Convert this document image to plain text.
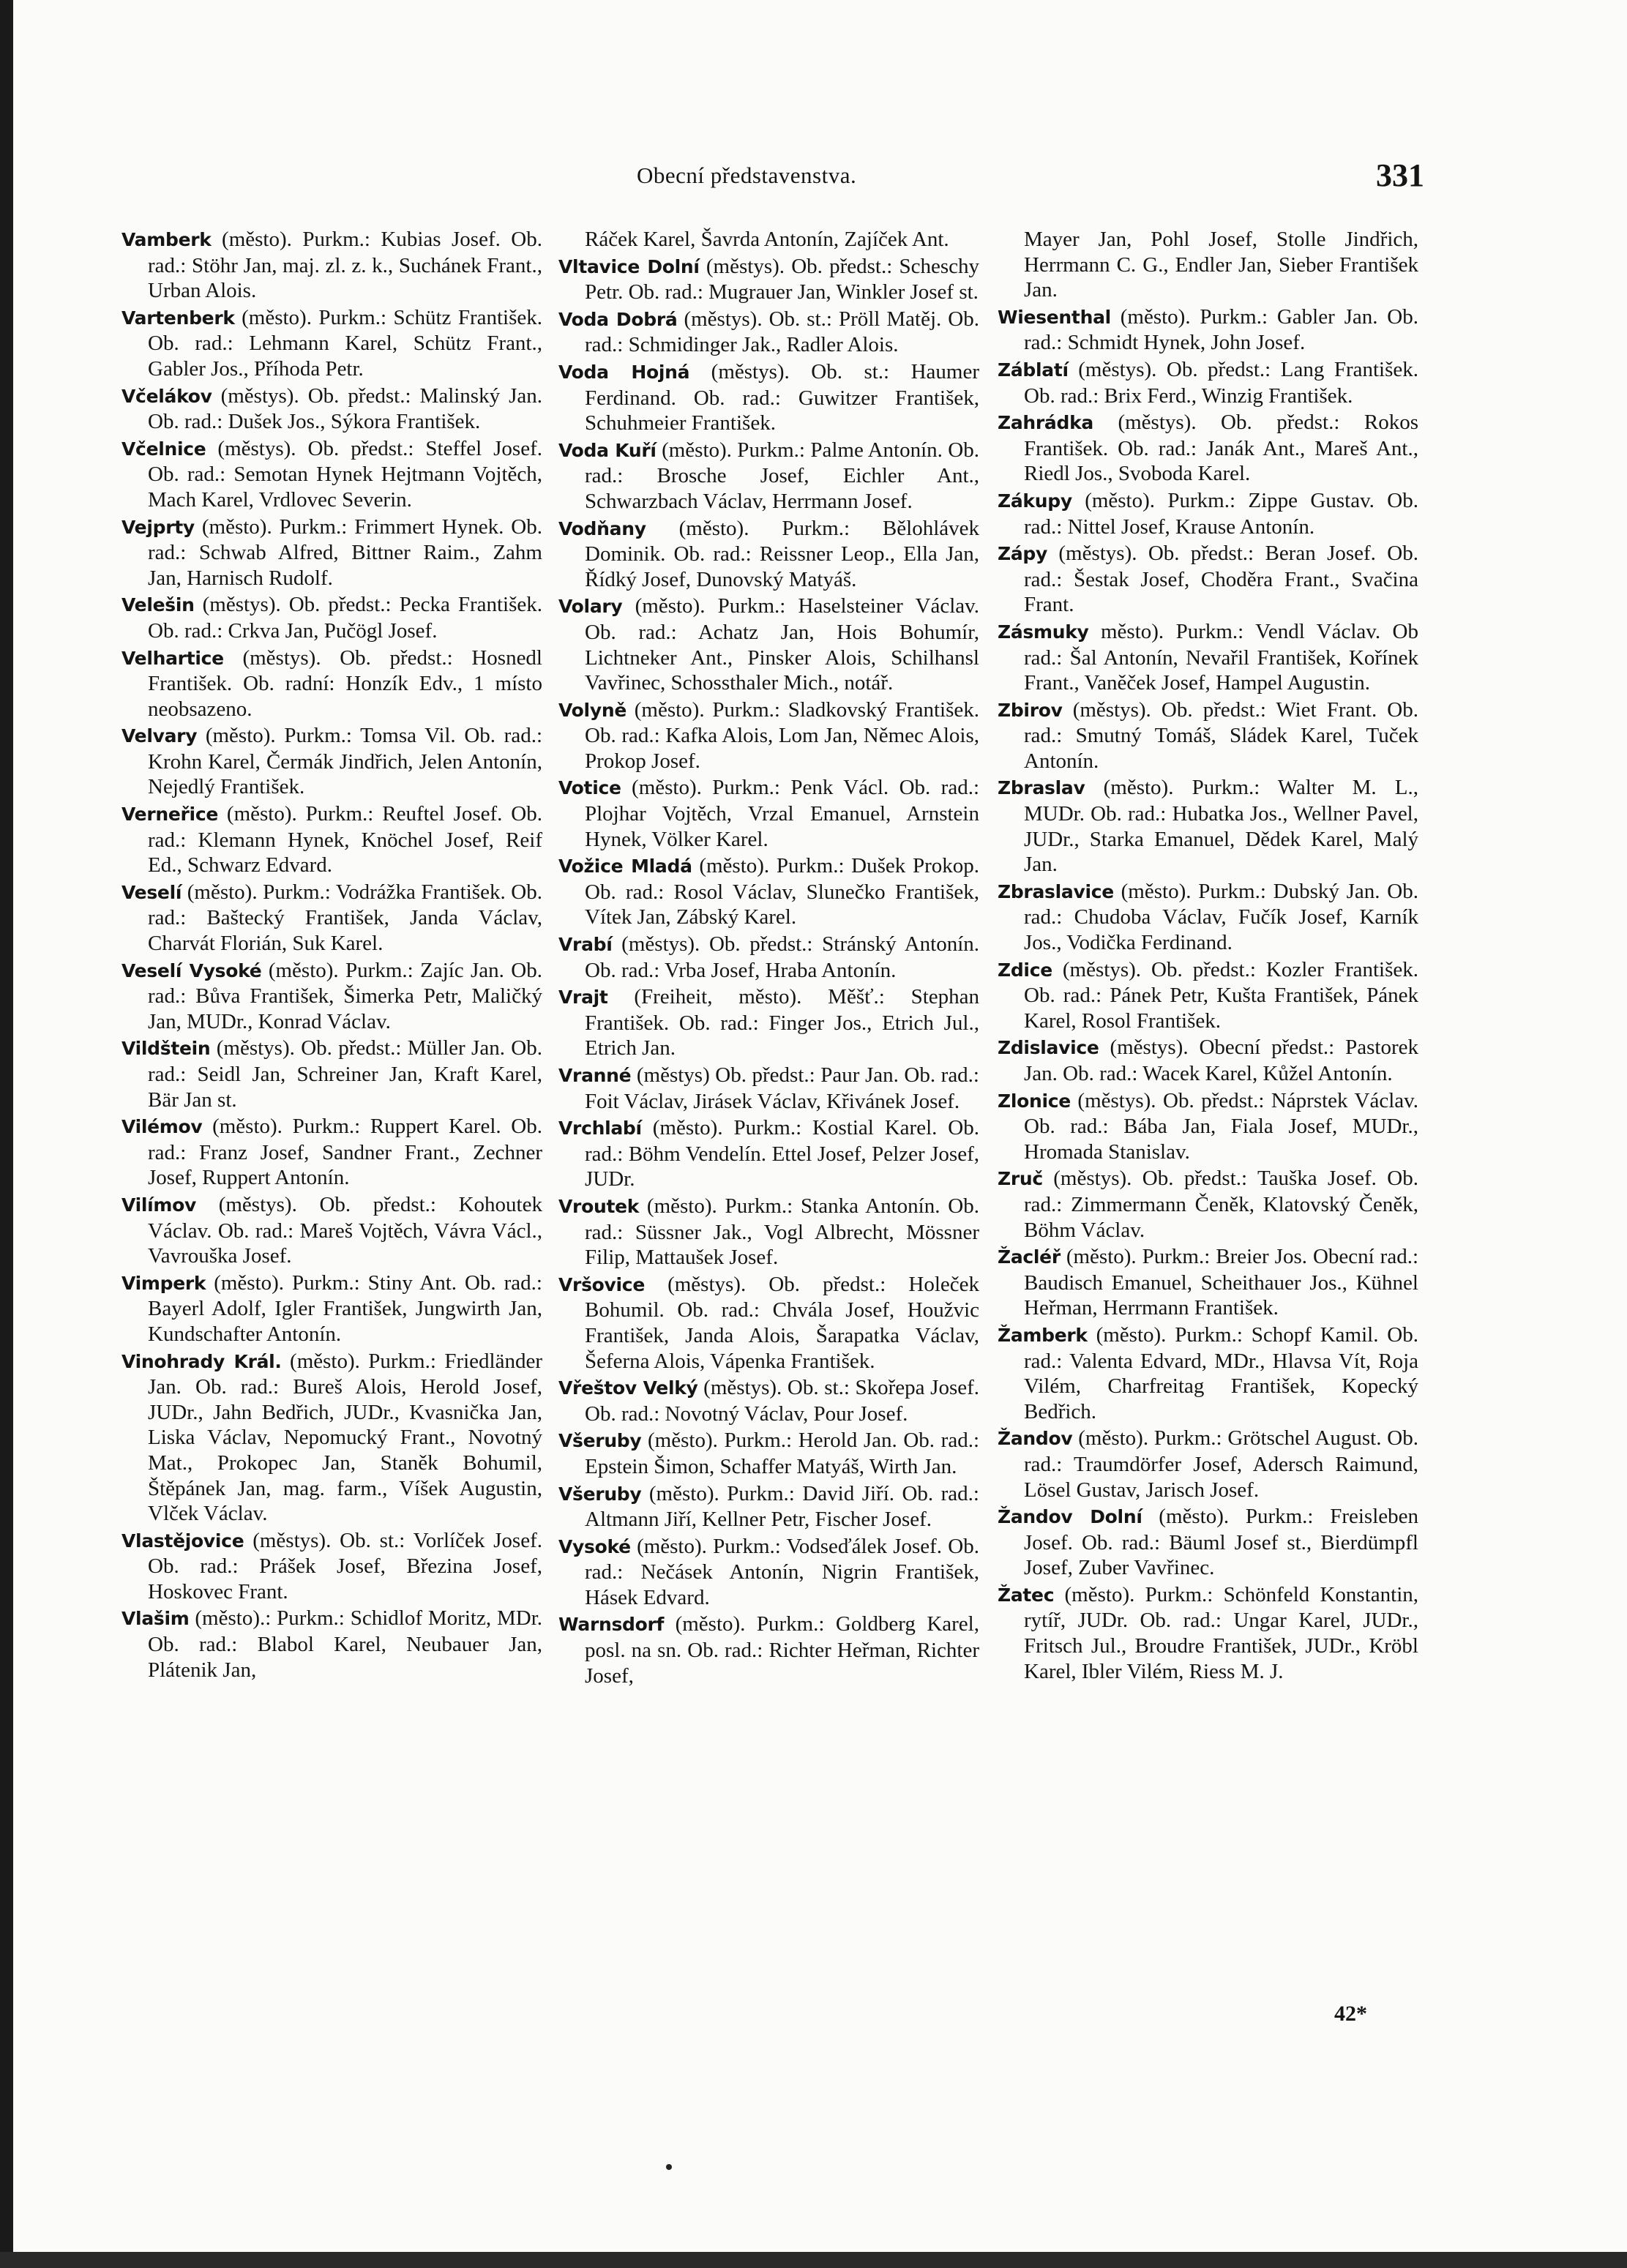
Obecní představenstva.	331

Vamberk (město). Purkm.: Kubias Josef. Ob. rad.: Stöhr Jan, maj. zl. z. k., Suchánek Frant., Urban Alois.

Vartenberk (město). Purkm.: Schütz František. Ob. rad.: Lehmann Karel, Schütz Frant., Gabler Jos., Příhoda Petr.

Včelákov (městys). Ob. předst.: Malinský Jan. Ob. rad.: Dušek Jos., Sýkora František.

Včelnice (městys). Ob. předst.: Steffel Josef. Ob. rad.: Semotan Hynek Hejtmann Vojtěch, Mach Karel, Vrdlovec Severin.

Vejprty (město). Purkm.: Frimmert Hynek. Ob. rad.: Schwab Alfred, Bittner Raim., Zahm Jan, Harnisch Rudolf.

Velešin (městys). Ob. předst.: Pecka František. Ob. rad.: Crkva Jan, Pučögl Josef.

Velhartice (městys). Ob. předst.: Hosnedl František. Ob. radní: Honzík Edv., 1 místo neobsazeno.

Velvary (město). Purkm.: Tomsa Vil. Ob. rad.: Krohn Karel, Čermák Jindřich, Jelen Antonín, Nejedlý František.

Verneřice (město). Purkm.: Reuftel Josef. Ob. rad.: Klemann Hynek, Knöchel Josef, Reif Ed., Schwarz Edvard.

Veselí (město). Purkm.: Vodrážka František. Ob. rad.: Baštecký František, Janda Václav, Charvát Florián, Suk Karel.

Veselí Vysoké (město). Purkm.: Zajíc Jan. Ob. rad.: Bůva František, Šimerka Petr, Maličký Jan, MUDr., Konrad Václav.

Vildštein (městys). Ob. předst.: Müller Jan. Ob. rad.: Seidl Jan, Schreiner Jan, Kraft Karel, Bär Jan st.

Vilémov (město). Purkm.: Ruppert Karel. Ob. rad.: Franz Josef, Sandner Frant., Zechner Josef, Ruppert Antonín.

Vilímov (městys). Ob. předst.: Kohoutek Václav. Ob. rad.: Mareš Vojtěch, Vávra Václ., Vavrouška Josef.

Vimperk (město). Purkm.: Stiny Ant. Ob. rad.: Bayerl Adolf, Igler František, Jungwirth Jan, Kundschafter Antonín.

Vinohrady Král. (město). Purkm.: Friedländer Jan. Ob. rad.: Bureš Alois, Herold Josef, JUDr., Jahn Bedřich, JUDr., Kvasnička Jan, Liska Václav, Nepomucký Frant., Novotný Mat., Prokopec Jan, Staněk Bohumil, Štěpánek Jan, mag. farm., Víšek Augustin, Vlček Václav.

Vlastějovice (městys). Ob. st.: Vorlíček Josef. Ob. rad.: Prášek Josef, Březina Josef, Hoskovec Frant.

Vlašim (město).: Purkm.: Schidlof Moritz, MDr. Ob. rad.: Blabol Karel, Neubauer Jan, Plátenik Jan,

Ráček Karel, Šavrda Antonín, Zajíček Ant.

Vltavice Dolní (městys). Ob. předst.: Scheschy Petr. Ob. rad.: Mugrauer Jan, Winkler Josef st.

Voda Dobrá (městys). Ob. st.: Pröll Matěj. Ob. rad.: Schmidinger Jak., Radler Alois.

Voda Hojná (městys). Ob. st.: Haumer Ferdinand. Ob. rad.: Guwitzer František, Schuhmeier František.

Voda Kuří (město). Purkm.: Palme Antonín. Ob. rad.: Brosche Josef, Eichler Ant., Schwarzbach Václav, Herrmann Josef.

Vodňany (město). Purkm.: Bělohlávek Dominik. Ob. rad.: Reissner Leop., Ella Jan, Řídký Josef, Dunovský Matyáš.

Volary (město). Purkm.: Haselsteiner Václav. Ob. rad.: Achatz Jan, Hois Bohumír, Lichtneker Ant., Pinsker Alois, Schilhansl Vavřinec, Schossthaler Mich., notář.

Volyně (město). Purkm.: Sladkovský František. Ob. rad.: Kafka Alois, Lom Jan, Němec Alois, Prokop Josef.

Votice (město). Purkm.: Penk Václ. Ob. rad.: Plojhar Vojtěch, Vrzal Emanuel, Arnstein Hynek, Völker Karel.

Vožice Mladá (město). Purkm.: Dušek Prokop. Ob. rad.: Rosol Václav, Slunečko František, Vítek Jan, Zábský Karel.

Vrabí (městys). Ob. předst.: Stránský Antonín. Ob. rad.: Vrba Josef, Hraba Antonín.

Vrajt (Freiheit, město). Měšť.: Stephan František. Ob. rad.: Finger Jos., Etrich Jul., Etrich Jan.

Vranné (městys) Ob. předst.: Paur Jan. Ob. rad.: Foit Václav, Jirásek Václav, Křivánek Josef.

Vrchlabí (město). Purkm.: Kostial Karel. Ob. rad.: Böhm Vendelín. Ettel Josef, Pelzer Josef, JUDr.

Vroutek (město). Purkm.: Stanka Antonín. Ob. rad.: Süssner Jak., Vogl Albrecht, Mössner Filip, Mattaušek Josef.

Vršovice (městys). Ob. předst.: Holeček Bohumil. Ob. rad.: Chvála Josef, Houžvic František, Janda Alois, Šarapatka Václav, Šeferna Alois, Vápenka František.

Vřeštov Velký (městys). Ob. st.: Skořepa Josef. Ob. rad.: Novotný Václav, Pour Josef.

Všeruby (město). Purkm.: Herold Jan. Ob. rad.: Epstein Šimon, Schaffer Matyáš, Wirth Jan.

Všeruby (město). Purkm.: David Jiří. Ob. rad.: Altmann Jiří, Kellner Petr, Fischer Josef.

Vysoké (město). Purkm.: Vodseďálek Josef. Ob. rad.: Nečásek Antonín, Nigrin František, Hásek Edvard.

Warnsdorf (město). Purkm.: Goldberg Karel, posl. na sn. Ob. rad.: Richter Heřman, Richter Josef,

Mayer Jan, Pohl Josef, Stolle Jindřich, Herrmann C. G., Endler Jan, Sieber František Jan.

Wiesenthal (město). Purkm.: Gabler Jan. Ob. rad.: Schmidt Hynek, John Josef.

Záblatí (městys). Ob. předst.: Lang František. Ob. rad.: Brix Ferd., Winzig František.

Zahrádka (městys). Ob. předst.: Rokos František. Ob. rad.: Janák Ant., Mareš Ant., Riedl Jos., Svoboda Karel.

Zákupy (město). Purkm.: Zippe Gustav. Ob. rad.: Nittel Josef, Krause Antonín.

Zápy (městys). Ob. předst.: Beran Josef. Ob. rad.: Šestak Josef, Choděra Frant., Svačina Frant.

Zásmuky město). Purkm.: Vendl Václav. Ob rad.: Šal Antonín, Nevařil František, Kořínek Frant., Vaněček Josef, Hampel Augustin.

Zbirov (městys). Ob. předst.: Wiet Frant. Ob. rad.: Smutný Tomáš, Sládek Karel, Tuček Antonín.

Zbraslav (město). Purkm.: Walter M. L., MUDr. Ob. rad.: Hubatka Jos., Wellner Pavel, JUDr., Starka Emanuel, Dědek Karel, Malý Jan.

Zbraslavice (město). Purkm.: Dubský Jan. Ob. rad.: Chudoba Václav, Fučík Josef, Karník Jos., Vodička Ferdinand.

Zdice (městys). Ob. předst.: Kozler František. Ob. rad.: Pánek Petr, Kušta František, Pánek Karel, Rosol František.

Zdislavice (městys). Obecní předst.: Pastorek Jan. Ob. rad.: Wacek Karel, Kůžel Antonín.

Zlonice (městys). Ob. předst.: Náprstek Václav. Ob. rad.: Bába Jan, Fiala Josef, MUDr., Hromada Stanislav.

Zruč (městys). Ob. předst.: Tauška Josef. Ob. rad.: Zimmermann Čeněk, Klatovský Čeněk, Böhm Václav.

Žacléř (město). Purkm.: Breier Jos. Obecní rad.: Baudisch Emanuel, Scheithauer Jos., Kühnel Heřman, Herrmann František.

Žamberk (město). Purkm.: Schopf Kamil. Ob. rad.: Valenta Edvard, MDr., Hlavsa Vít, Roja Vilém, Charfreitag František, Kopecký Bedřich.

Žandov (město). Purkm.: Grötschel August. Ob. rad.: Traumdörfer Josef, Adersch Raimund, Lösel Gustav, Jarisch Josef.

Žandov Dolní (město). Purkm.: Freisleben Josef. Ob. rad.: Bäuml Josef st., Bierdümpfl Josef, Zuber Vavřinec.

Žatec (město). Purkm.: Schönfeld Konstantin, rytíř, JUDr. Ob. rad.: Ungar Karel, JUDr., Fritsch Jul., Broudre František, JUDr., Kröbl Karel, Ibler Vilém, Riess M. J.

42*
